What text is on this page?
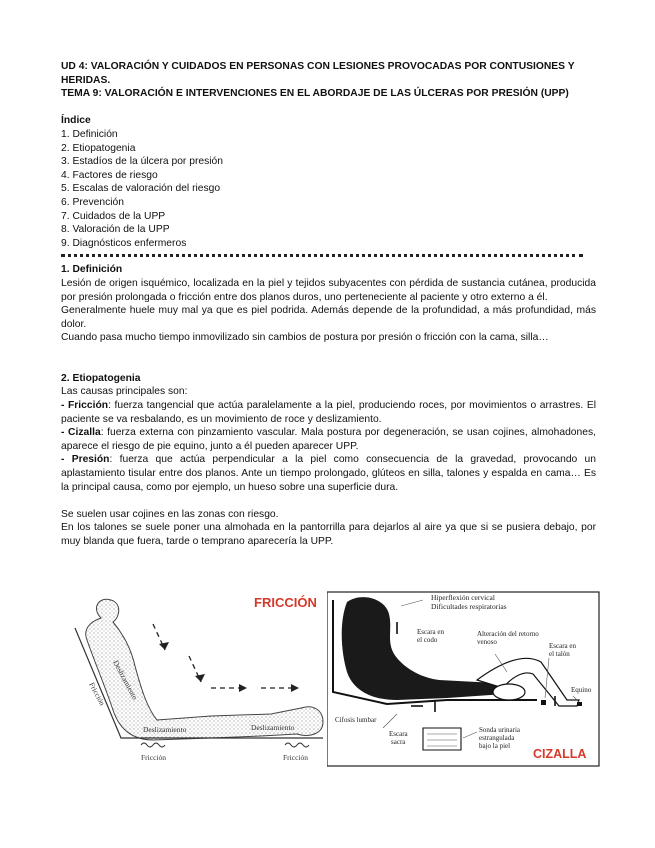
UD 4: VALORACIÓN Y CUIDADOS EN PERSONAS CON LESIONES PROVOCADAS POR CONTUSIONES Y
HERIDAS.

TEMA 9: VALORACIÓN E INTERVENCIONES EN EL ABORDAJE DE LAS ÚLCERAS POR PRESIÓN (UPP)

Índice

1. Definición
2. Etiopatogenia
3. Estadíos de la úlcera por presión
4. Factores de riesgo
5. Escalas de valoración del riesgo
6. Prevención
7. Cuidados de la UPP
8. Valoración de la UPP
9. Diagnósticos enfermeros

1. Definición

Lesión de origen isquémico, localizada en la piel y tejidos subyacentes con pérdida de sustancia cutánea, producida por presión prolongada o fricción entre dos planos duros, uno perteneciente al paciente y otro externo a él.

Generalmente huele muy mal ya que es piel podrida. Además depende de la profundidad, a más profundidad, más dolor.

Cuando pasa mucho tiempo inmovilizado sin cambios de postura por presión o fricción con la cama, silla…

2. Etiopatogenia

Las causas principales son:

- Fricción: fuerza tangencial que actúa paralelamente a la piel, produciendo roces, por movimientos o arrastres. El paciente se va resbalando, es un movimiento de roce y deslizamiento.

- Cizalla: fuerza externa con pinzamiento vascular. Mala postura por degeneración, se usan cojines, almohadones, aparece el riesgo de pie equino, junto a él pueden aparecer UPP.

- Presión: fuerza que actúa perpendicular a la piel como consecuencia de la gravedad, provocando un aplastamiento tisular entre dos planos. Ante un tiempo prolongado, glúteos en silla, talones y espalda en cama… Es la principal causa, como por ejemplo, un hueso sobre una superficie dura.

Se suelen usar cojines en las zonas con riesgo.

En los talones se suele poner una almohada en la pantorrilla para dejarlos al aire ya que si se pusiera debajo, por muy blanda que fuera, tarde o temprano aparecería la UPP.

Deslizamiento
Fricción
Deslizamiento	Deslizamiento
Fricción	Fricción
FRICCIÓN	Hiperflexión cervical
Dificultades respiratorias
Escara en
el codo
Alteración del retorno
venoso	Escara en
el talón
Equino
Cifosis lumbar
Escara
sacra
Sonda urinaria
estrangulada
bajo la piel
CIZALLA
